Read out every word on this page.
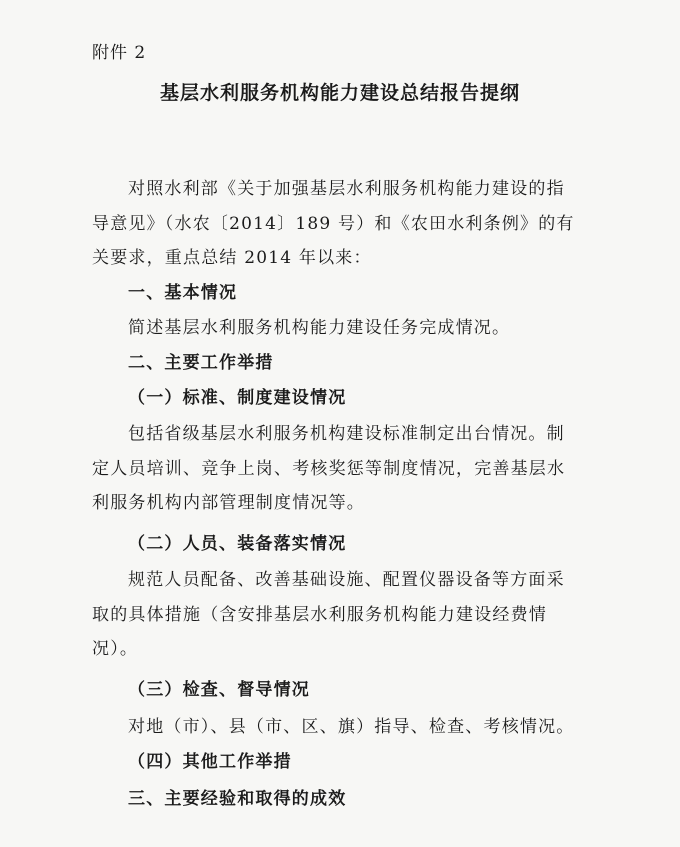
附件 2
基层水利服务机构能力建设总结报告提纲
对照水利部《关于加强基层水利服务机构能力建设的指
导意见》（水农〔2014〕189 号）和《农田水利条例》的有
关要求，重点总结 2014 年以来：
一、基本情况
简述基层水利服务机构能力建设任务完成情况。
二、主要工作举措
（一）标准、制度建设情况
包括省级基层水利服务机构建设标准制定出台情况。制
定人员培训、竞争上岗、考核奖惩等制度情况，完善基层水
利服务机构内部管理制度情况等。
（二）人员、装备落实情况
规范人员配备、改善基础设施、配置仪器设备等方面采
取的具体措施（含安排基层水利服务机构能力建设经费情
况）。
（三）检查、督导情况
对地（市）、县（市、区、旗）指导、检查、考核情况。
（四）其他工作举措
三、主要经验和取得的成效
